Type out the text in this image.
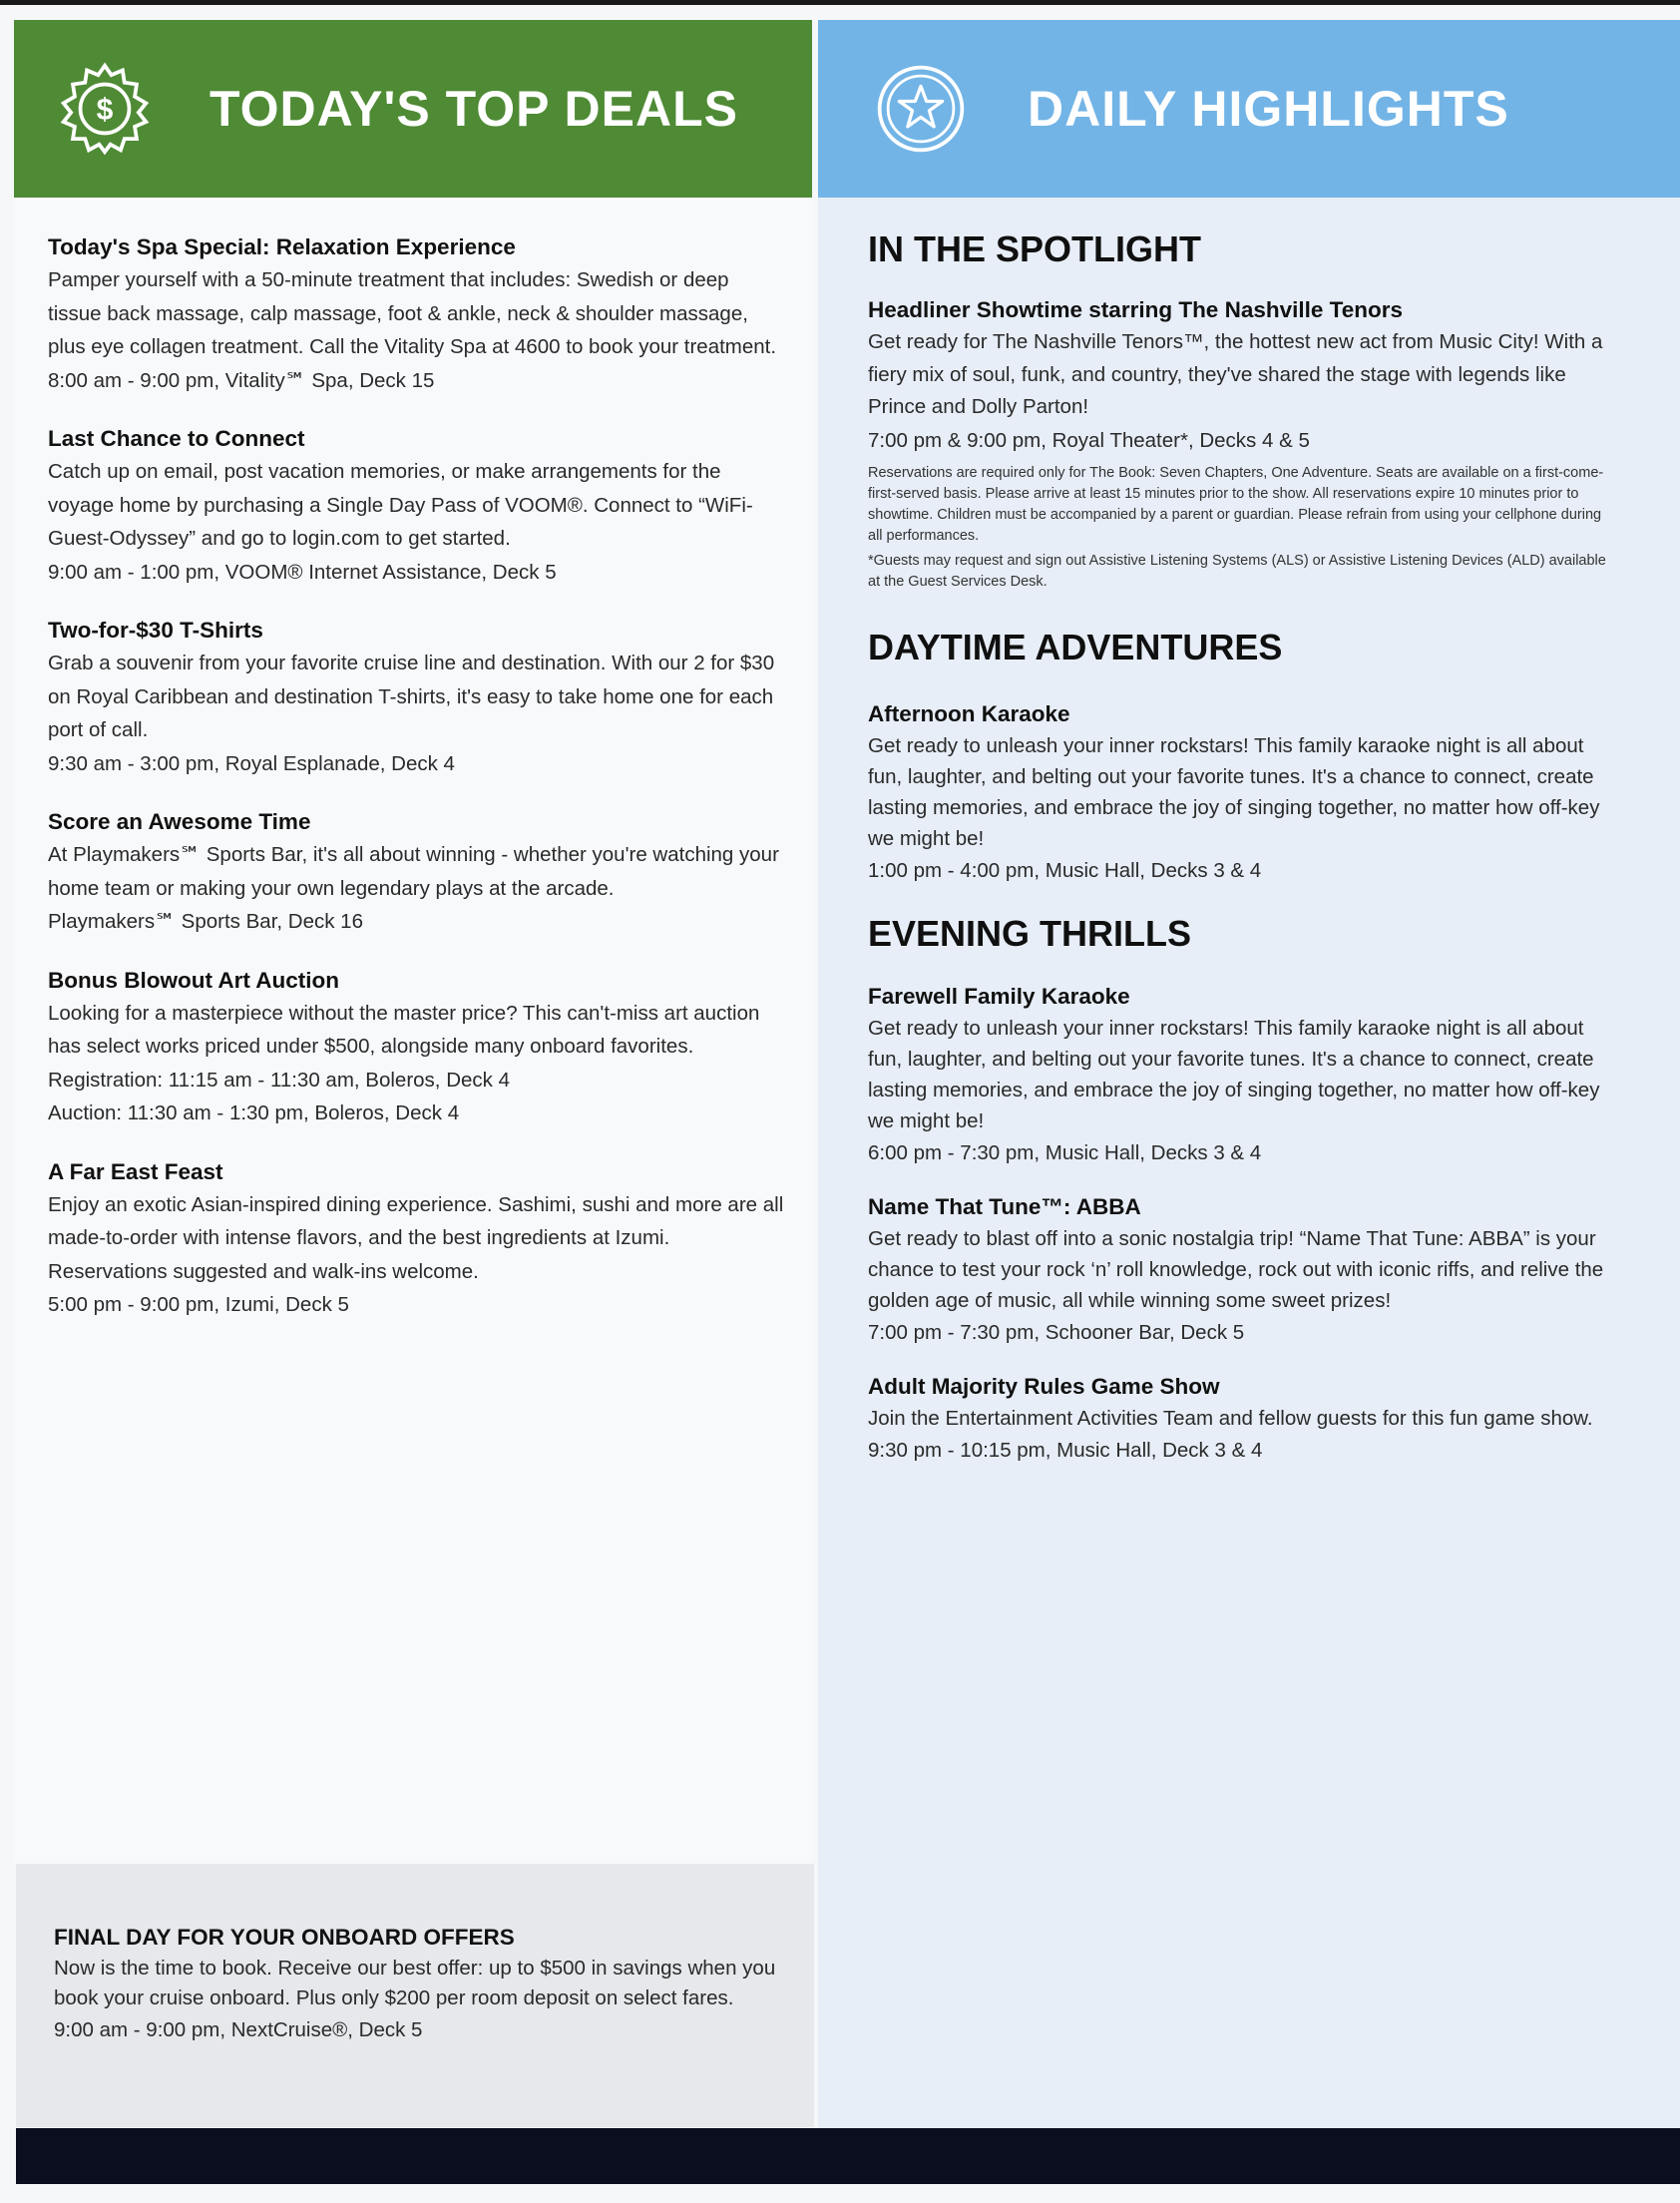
$ TODAY'S TOP DEALS	DAILY HIGHLIGHTS
Today's Spa Special: Relaxation Experience
Pamper yourself with a 50-minute treatment that includes: Swedish or deep tissue back massage, calp massage, foot & ankle, neck & shoulder massage, plus eye collagen treatment. Call the Vitality Spa at 4600 to book your treatment.
8:00 am - 9:00 pm, Vitality℠ Spa, Deck 15
Last Chance to Connect
Catch up on email, post vacation memories, or make arrangements for the voyage home by purchasing a Single Day Pass of VOOM®. Connect to “WiFi-Guest-Odyssey” and go to login.com to get started.
9:00 am - 1:00 pm, VOOM® Internet Assistance, Deck 5
Two-for-$30 T-Shirts
Grab a souvenir from your favorite cruise line and destination. With our 2 for $30 on Royal Caribbean and destination T-shirts, it's easy to take home one for each port of call.
9:30 am - 3:00 pm, Royal Esplanade, Deck 4
Score an Awesome Time
At Playmakers℠ Sports Bar, it's all about winning - whether you're watching your home team or making your own legendary plays at the arcade.
Playmakers℠ Sports Bar, Deck 16
Bonus Blowout Art Auction
Looking for a masterpiece without the master price? This can't-miss art auction has select works priced under $500, alongside many onboard favorites.
Registration: 11:15 am - 11:30 am, Boleros, Deck 4
Auction: 11:30 am - 1:30 pm, Boleros, Deck 4
A Far East Feast
Enjoy an exotic Asian-inspired dining experience. Sashimi, sushi and more are all made-to-order with intense flavors, and the best ingredients at Izumi. Reservations suggested and walk-ins welcome.
5:00 pm - 9:00 pm, Izumi, Deck 5
FINAL DAY FOR YOUR ONBOARD OFFERS
Now is the time to book. Receive our best offer: up to $500 in savings when you book your cruise onboard. Plus only $200 per room deposit on select fares.
9:00 am - 9:00 pm, NextCruise®, Deck 5
IN THE SPOTLIGHT
Headliner Showtime starring The Nashville Tenors
Get ready for The Nashville Tenors™, the hottest new act from Music City! With a fiery mix of soul, funk, and country, they've shared the stage with legends like Prince and Dolly Parton!
7:00 pm & 9:00 pm, Royal Theater*, Decks 4 & 5
Reservations are required only for The Book: Seven Chapters, One Adventure. Seats are available on a first-come-first-served basis. Please arrive at least 15 minutes prior to the show. All reservations expire 10 minutes prior to showtime. Children must be accompanied by a parent or guardian. Please refrain from using your cellphone during all performances.
*Guests may request and sign out Assistive Listening Systems (ALS) or Assistive Listening Devices (ALD) available at the Guest Services Desk.
DAYTIME ADVENTURES
Afternoon Karaoke
Get ready to unleash your inner rockstars! This family karaoke night is all about fun, laughter, and belting out your favorite tunes. It's a chance to connect, create lasting memories, and embrace the joy of singing together, no matter how off-key we might be!
1:00 pm - 4:00 pm, Music Hall, Decks 3 & 4
EVENING THRILLS
Farewell Family Karaoke
Get ready to unleash your inner rockstars! This family karaoke night is all about fun, laughter, and belting out your favorite tunes. It's a chance to connect, create lasting memories, and embrace the joy of singing together, no matter how off-key we might be!
6:00 pm - 7:30 pm, Music Hall, Decks 3 & 4
Name That Tune™: ABBA
Get ready to blast off into a sonic nostalgia trip! “Name That Tune: ABBA” is your chance to test your rock ‘n’ roll knowledge, rock out with iconic riffs, and relive the golden age of music, all while winning some sweet prizes!
7:00 pm - 7:30 pm, Schooner Bar, Deck 5
Adult Majority Rules Game Show
Join the Entertainment Activities Team and fellow guests for this fun game show.
9:30 pm - 10:15 pm, Music Hall, Deck 3 & 4
